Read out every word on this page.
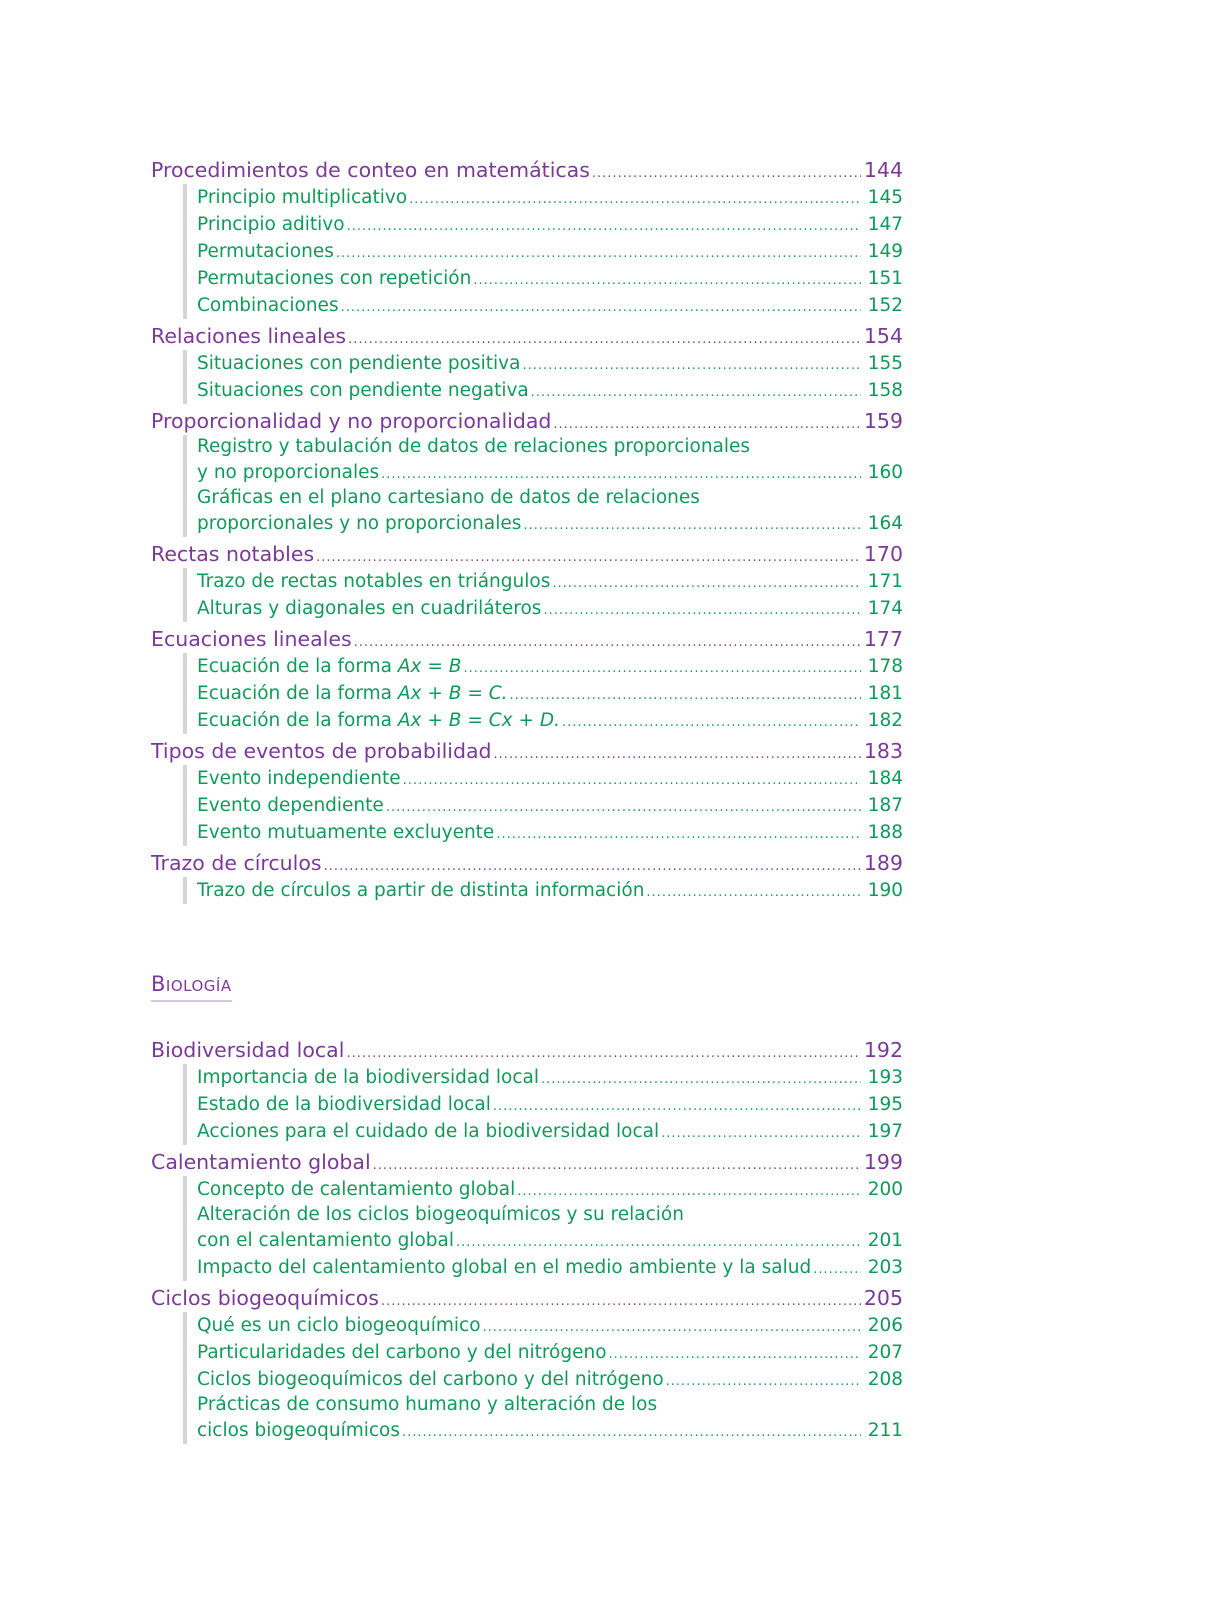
Procedimientos de conteo en matemáticas .....	144
Principio multiplicativo .....	145
Principio aditivo .....	147
Permutaciones .....	149
Permutaciones con repetición .....	151
Combinaciones .....	152
Relaciones lineales .....	154
Situaciones con pendiente positiva .....	155
Situaciones con pendiente negativa .....	158
Proporcionalidad y no proporcionalidad .....	159
Registro y tabulación de datos de relaciones proporcionales
y no proporcionales .....	160
Gráficas en el plano cartesiano de datos de relaciones
proporcionales y no proporcionales .....	164
Rectas notables .....	170
Trazo de rectas notables en triángulos .....	171
Alturas y diagonales en cuadriláteros .....	174
Ecuaciones lineales .....	177
Ecuación de la forma Ax = B .....	178
Ecuación de la forma Ax + B = C. .....	181
Ecuación de la forma Ax + B = Cx + D. .....	182
Tipos de eventos de probabilidad .....	183
Evento independiente .....	184
Evento dependiente .....	187
Evento mutuamente excluyente .....	188
Trazo de círculos .....	189
Trazo de círculos a partir de distinta información .....	190
BIOLOGÍA
Biodiversidad local .....	192
Importancia de la biodiversidad local .....	193
Estado de la biodiversidad local .....	195
Acciones para el cuidado de la biodiversidad local .....	197
Calentamiento global .....	199
Concepto de calentamiento global .....	200
Alteración de los ciclos biogeoquímicos y su relación
con el calentamiento global .....	201
Impacto del calentamiento global en el medio ambiente y la salud .....	203
Ciclos biogeoquímicos .....	205
Qué es un ciclo biogeoquímico .....	206
Particularidades del carbono y del nitrógeno .....	207
Ciclos biogeoquímicos del carbono y del nitrógeno .....	208
Prácticas de consumo humano y alteración de los
ciclos biogeoquímicos .....	211
